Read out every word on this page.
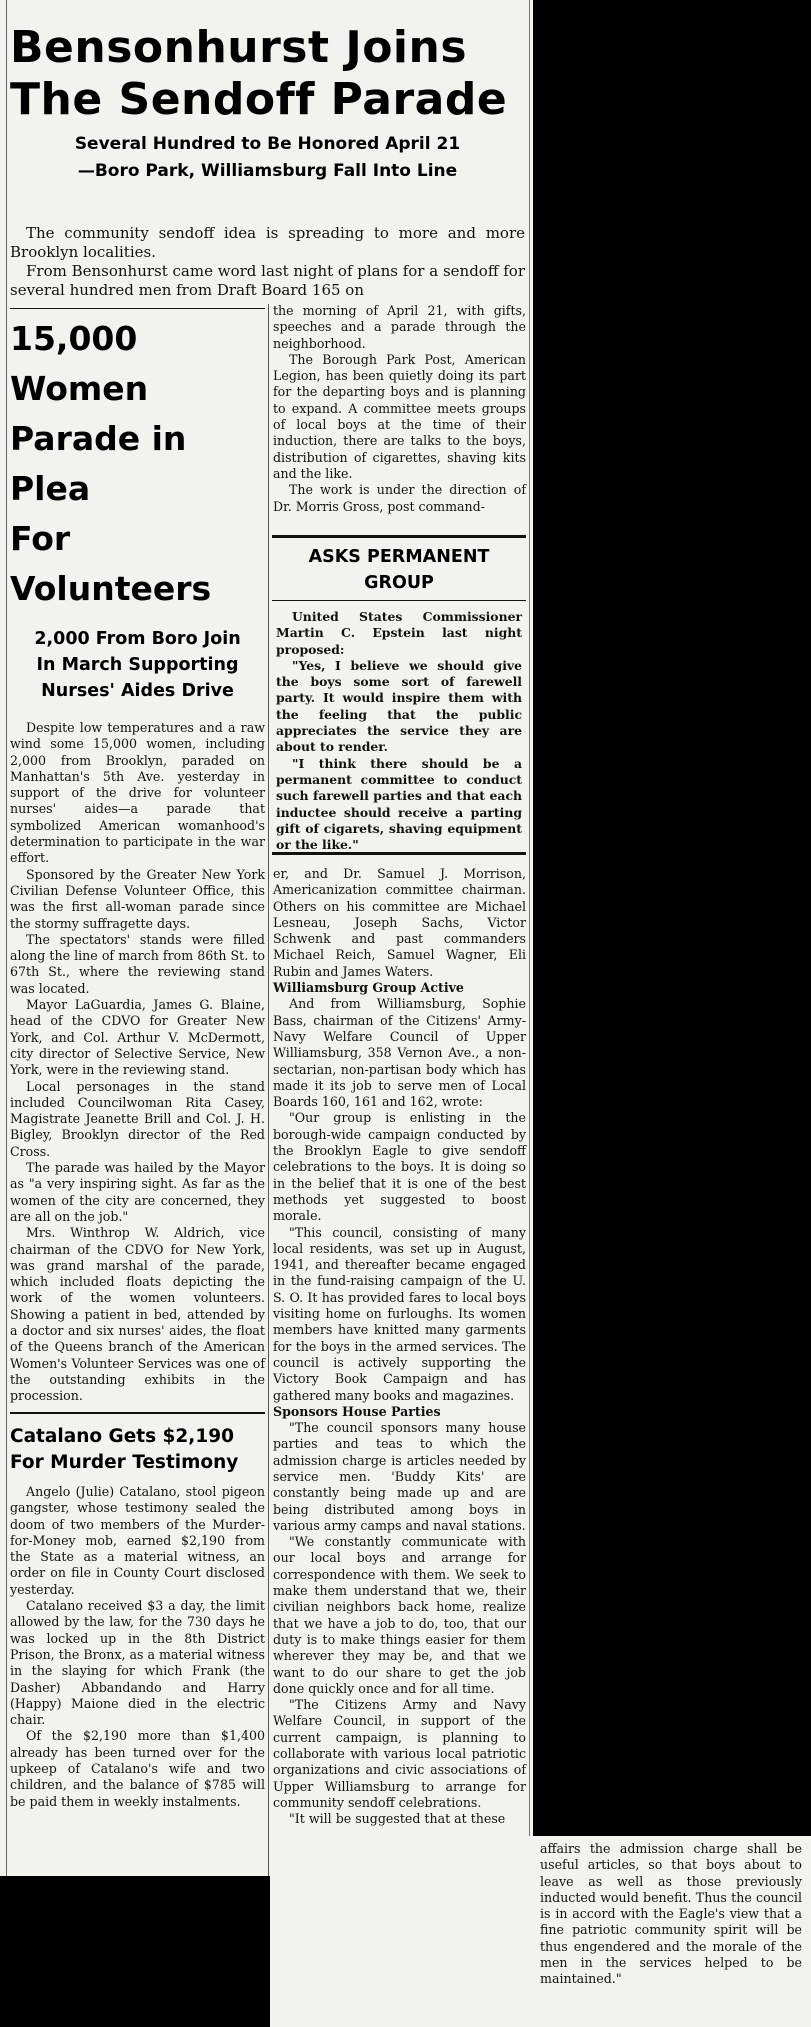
Bensonhurst Joins

The Sendoff Parade

Several Hundred to Be Honored April 21

—Boro Park, Williamsburg Fall Into Line

The community sendoff idea is spreading to more and more Brooklyn localities.

From Bensonhurst came word last night of plans for a sendoff for several hundred men from Draft Board 165 on

15,000 Women

Parade in Plea

For Volunteers

2,000 From Boro Join

In March Supporting

Nurses' Aides Drive

Despite low temperatures and a raw wind some 15,000 women, including 2,000 from Brooklyn, paraded on Manhattan's 5th Ave. yesterday in support of the drive for volunteer nurses' aides—a parade that symbolized American womanhood's determination to participate in the war effort.

Sponsored by the Greater New York Civilian Defense Volunteer Office, this was the first all-woman parade since the stormy suffragette days.

The spectators' stands were filled along the line of march from 86th St. to 67th St., where the reviewing stand was located.

Mayor LaGuardia, James G. Blaine, head of the CDVO for Greater New York, and Col. Arthur V. McDermott, city director of Selective Service, New York, were in the reviewing stand.

Local personages in the stand included Councilwoman Rita Casey, Magistrate Jeanette Brill and Col. J. H. Bigley, Brooklyn director of the Red Cross.

The parade was hailed by the Mayor as "a very inspiring sight. As far as the women of the city are concerned, they are all on the job."

Mrs. Winthrop W. Aldrich, vice chairman of the CDVO for New York, was grand marshal of the parade, which included floats depicting the work of the women volunteers. Showing a patient in bed, attended by a doctor and six nurses' aides, the float of the Queens branch of the American Women's Volunteer Services was one of the outstanding exhibits in the procession.

Catalano Gets $2,190

For Murder Testimony

Angelo (Julie) Catalano, stool pigeon gangster, whose testimony sealed the doom of two members of the Murder-for-Money mob, earned $2,190 from the State as a material witness, an order on file in County Court disclosed yesterday.

Catalano received $3 a day, the limit allowed by the law, for the 730 days he was locked up in the 8th District Prison, the Bronx, as a material witness in the slaying for which Frank (the Dasher) Abbandando and Harry (Happy) Maione died in the electric chair.

Of the $2,190 more than $1,400 already has been turned over for the upkeep of Catalano's wife and two children, and the balance of $785 will be paid them in weekly instalments.

the morning of April 21, with gifts, speeches and a parade through the neighborhood.

The Borough Park Post, American Legion, has been quietly doing its part for the departing boys and is planning to expand. A committee meets groups of local boys at the time of their induction, there are talks to the boys, distribution of cigarettes, shaving kits and the like.

The work is under the direction of Dr. Morris Gross, post command-

ASKS PERMANENT GROUP

United States Commissioner Martin C. Epstein last night proposed:

"Yes, I believe we should give the boys some sort of farewell party. It would inspire them with the feeling that the public appreciates the service they are about to render.

"I think there should be a permanent committee to conduct such farewell parties and that each inductee should receive a parting gift of cigarets, shaving equipment or the like."

er, and Dr. Samuel J. Morrison, Americanization committee chairman. Others on his committee are Michael Lesneau, Joseph Sachs, Victor Schwenk and past commanders Michael Reich, Samuel Wagner, Eli Rubin and James Waters.

Williamsburg Group Active

And from Williamsburg, Sophie Bass, chairman of the Citizens' Army-Navy Welfare Council of Upper Williamsburg, 358 Vernon Ave., a non-sectarian, non-partisan body which has made it its job to serve men of Local Boards 160, 161 and 162, wrote:

"Our group is enlisting in the borough-wide campaign conducted by the Brooklyn Eagle to give sendoff celebrations to the boys. It is doing so in the belief that it is one of the best methods yet suggested to boost morale.

"This council, consisting of many local residents, was set up in August, 1941, and thereafter became engaged in the fund-raising campaign of the U. S. O. It has provided fares to local boys visiting home on furloughs. Its women members have knitted many garments for the boys in the armed services. The council is actively supporting the Victory Book Campaign and has gathered many books and magazines.

Sponsors House Parties

"The council sponsors many house parties and teas to which the admission charge is articles needed by service men. 'Buddy Kits' are constantly being made up and are being distributed among boys in various army camps and naval stations.

"We constantly communicate with our local boys and arrange for correspondence with them. We seek to make them understand that we, their civilian neighbors back home, realize that we have a job to do, too, that our duty is to make things easier for them wherever they may be, and that we want to do our share to get the job done quickly once and for all time.

"The Citizens Army and Navy Welfare Council, in support of the current campaign, is planning to collaborate with various local patriotic organizations and civic associations of Upper Williamsburg to arrange for community sendoff celebrations.

"It will be suggested that at these

affairs the admission charge shall be useful articles, so that boys about to leave as well as those previously inducted would benefit. Thus the council is in accord with the Eagle's view that a fine patriotic community spirit will be thus engendered and the morale of the men in the services helped to be maintained."
